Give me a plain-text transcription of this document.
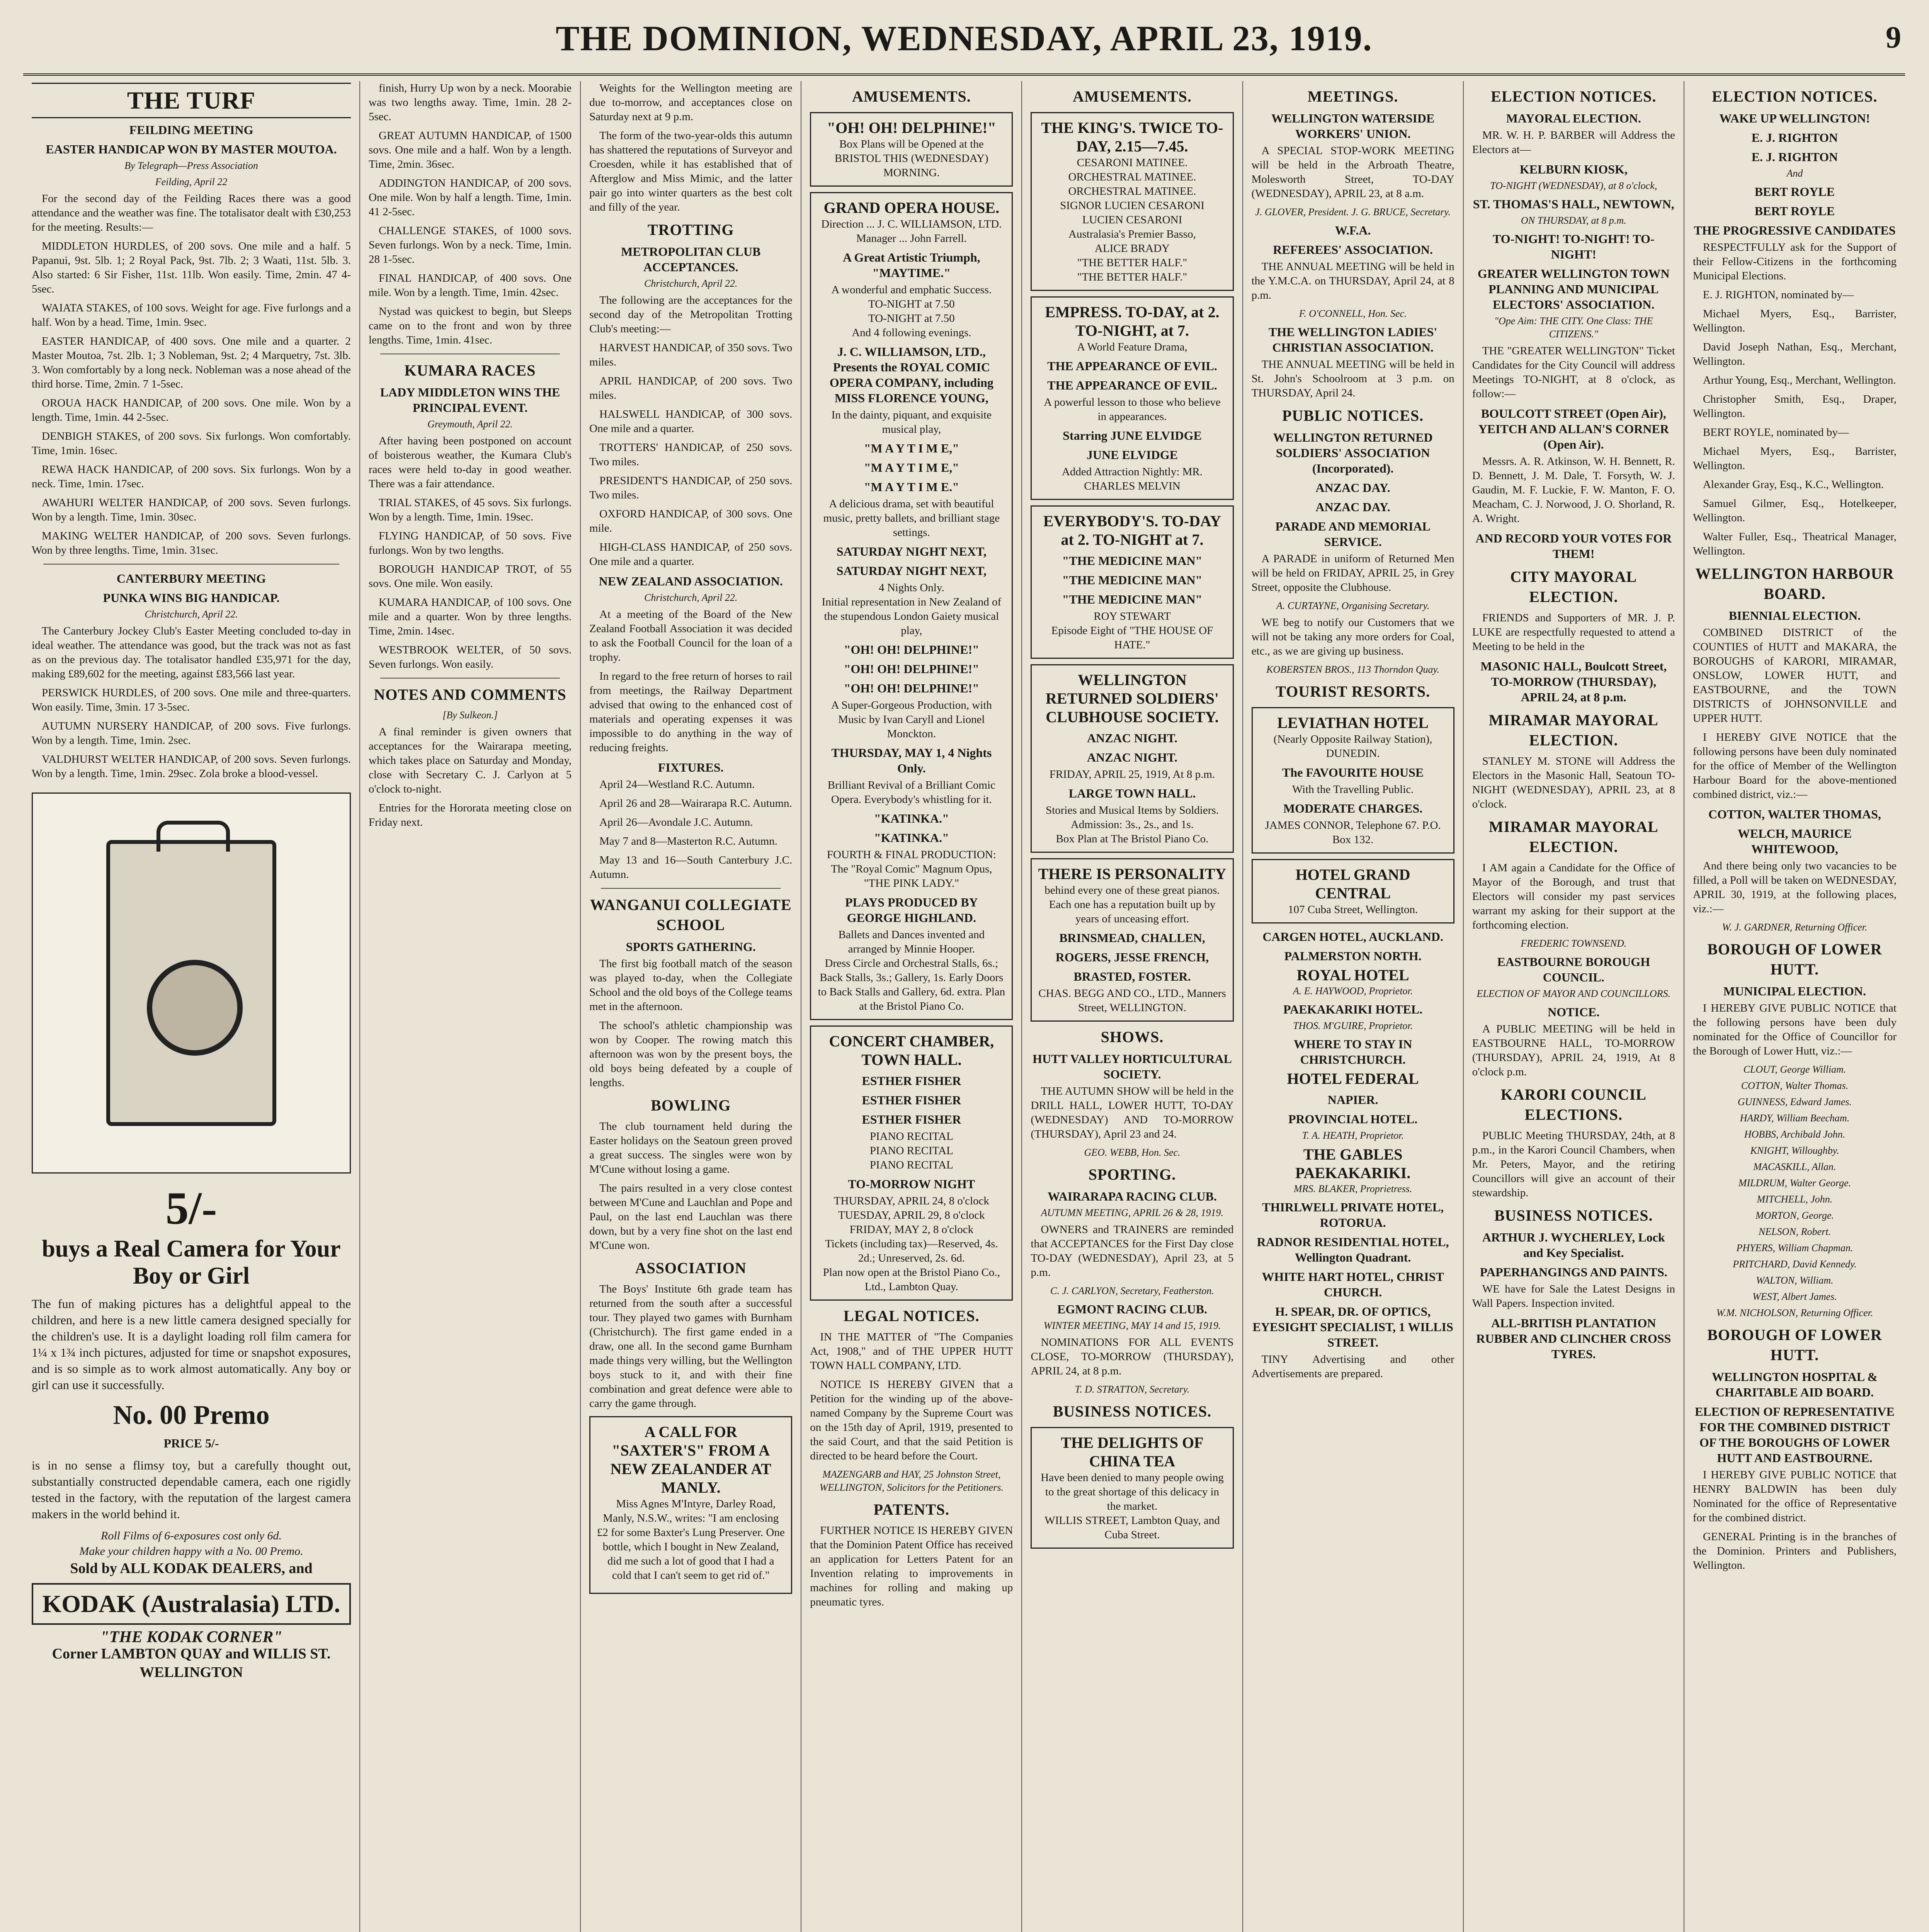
THE DOMINION, WEDNESDAY, APRIL 23, 1919.	9
THE TURF
FEILDING MEETING
EASTER HANDICAP WON BY MASTER MOUTOA.
By Telegraph—Press Association
Feilding, April 22
For the second day of the Feilding Races there was a good attendance and the weather was fine. The totalisator dealt with £30,253 for the meeting. Results:—
MIDDLETON HURDLES, of 200 sovs. One mile and a half. 5 Papanui, 9st. 5lb. 1; 2 Royal Pack, 9st. 7lb. 2; 3 Waati, 11st. 5lb. 3. Also started: 6 Sir Fisher, 11st. 11lb. Won easily. Time, 2min. 47 4-5sec.
WAIATA STAKES, of 100 sovs. Weight for age. Five furlongs and a half. Won by a head. Time, 1min. 9sec.
EASTER HANDICAP, of 400 sovs. One mile and a quarter. 2 Master Moutoa, 7st. 2lb. 1; 3 Nobleman, 9st. 2; 4 Marquetry, 7st. 3lb. 3. Won comfortably by a long neck. Nobleman was a nose ahead of the third horse. Time, 2min. 7 1-5sec.
OROUA HACK HANDICAP, of 200 sovs. One mile. Won by a length. Time, 1min. 44 2-5sec.
DENBIGH STAKES, of 200 sovs. Six furlongs. Won comfortably. Time, 1min. 16sec.
REWA HACK HANDICAP, of 200 sovs. Six furlongs. Won by a neck. Time, 1min. 17sec.
AWAHURI WELTER HANDICAP, of 200 sovs. Seven furlongs. Won by a length. Time, 1min. 30sec.
MAKING WELTER HANDICAP, of 200 sovs. Seven furlongs. Won by three lengths. Time, 1min. 31sec.
CANTERBURY MEETING
PUNKA WINS BIG HANDICAP.
Christchurch, April 22.
The Canterbury Jockey Club's Easter Meeting concluded to-day in ideal weather. The attendance was good, but the track was not as fast as on the previous day. The totalisator handled £35,971 for the day, making £89,602 for the meeting, against £83,566 last year.
PERSWICK HURDLES, of 200 sovs. One mile and three-quarters. Won easily. Time, 3min. 17 3-5sec.
AUTUMN NURSERY HANDICAP, of 200 sovs. Five furlongs. Won by a length. Time, 1min. 2sec.
VALDHURST WELTER HANDICAP, of 200 sovs. Seven furlongs. Won by a length. Time, 1min. 29sec. Zola broke a blood-vessel.
5/-
buys a Real Camera for Your Boy or Girl
The fun of making pictures has a delightful appeal to the children, and here is a new little camera designed specially for the children's use. It is a daylight loading roll film camera for 1¼ x 1¾ inch pictures, adjusted for time or snapshot exposures, and is so simple as to work almost automatically. Any boy or girl can use it successfully.
No. 00 Premo
PRICE 5/-
is in no sense a flimsy toy, but a carefully thought out, substantially constructed dependable camera, each one rigidly tested in the factory, with the reputation of the largest camera makers in the world behind it.
Roll Films of 6-exposures cost only 6d.
Make your children happy with a No. 00 Premo.
Sold by ALL KODAK DEALERS, and
KODAK (Australasia) LTD.
"THE KODAK CORNER"
Corner LAMBTON QUAY and WILLIS ST.
WELLINGTON
finish, Hurry Up won by a neck. Moorabie was two lengths away. Time, 1min. 28 2-5sec.
GREAT AUTUMN HANDICAP, of 1500 sovs. One mile and a half. Won by a length. Time, 2min. 36sec.
ADDINGTON HANDICAP, of 200 sovs. One mile. Won by half a length. Time, 1min. 41 2-5sec.
CHALLENGE STAKES, of 1000 sovs. Seven furlongs. Won by a neck. Time, 1min. 28 1-5sec.
FINAL HANDICAP, of 400 sovs. One mile. Won by a length. Time, 1min. 42sec.
Nystad was quickest to begin, but Sleeps came on to the front and won by three lengths. Time, 1min. 41sec.
KUMARA RACES
LADY MIDDLETON WINS THE PRINCIPAL EVENT.
Greymouth, April 22.
After having been postponed on account of boisterous weather, the Kumara Club's races were held to-day in good weather. There was a fair attendance.
TRIAL STAKES, of 45 sovs. Six furlongs. Won by a length. Time, 1min. 19sec.
FLYING HANDICAP, of 50 sovs. Five furlongs. Won by two lengths.
BOROUGH HANDICAP TROT, of 55 sovs. One mile. Won easily.
KUMARA HANDICAP, of 100 sovs. One mile and a quarter. Won by three lengths. Time, 2min. 14sec.
WESTBROOK WELTER, of 50 sovs. Seven furlongs. Won easily.
NOTES AND COMMENTS
[By Sulkeon.]
A final reminder is given owners that acceptances for the Wairarapa meeting, which takes place on Saturday and Monday, close with Secretary C. J. Carlyon at 5 o'clock to-night.
Entries for the Hororata meeting close on Friday next.
Weights for the Wellington meeting are due to-morrow, and acceptances close on Saturday next at 9 p.m.
The form of the two-year-olds this autumn has shattered the reputations of Surveyor and Croesden, while it has established that of Afterglow and Miss Mimic, and the latter pair go into winter quarters as the best colt and filly of the year.
TROTTING
METROPOLITAN CLUB ACCEPTANCES.
Christchurch, April 22.
The following are the acceptances for the second day of the Metropolitan Trotting Club's meeting:—
HARVEST HANDICAP, of 350 sovs. Two miles.
APRIL HANDICAP, of 200 sovs. Two miles.
HALSWELL HANDICAP, of 300 sovs. One mile and a quarter.
TROTTERS' HANDICAP, of 250 sovs. Two miles.
PRESIDENT'S HANDICAP, of 250 sovs. Two miles.
OXFORD HANDICAP, of 300 sovs. One mile.
HIGH-CLASS HANDICAP, of 250 sovs. One mile and a quarter.
NEW ZEALAND ASSOCIATION.
Christchurch, April 22.
At a meeting of the Board of the New Zealand Football Association it was decided to ask the Football Council for the loan of a trophy.
In regard to the free return of horses to rail from meetings, the Railway Department advised that owing to the enhanced cost of materials and operating expenses it was impossible to do anything in the way of reducing freights.
FIXTURES.
April 24—Westland R.C. Autumn.
April 26 and 28—Wairarapa R.C. Autumn.
April 26—Avondale J.C. Autumn.
May 7 and 8—Masterton R.C. Autumn.
May 13 and 16—South Canterbury J.C. Autumn.
WANGANUI COLLEGIATE SCHOOL
SPORTS GATHERING.
The first big football match of the season was played to-day, when the Collegiate School and the old boys of the College teams met in the afternoon.
The school's athletic championship was won by Cooper. The rowing match this afternoon was won by the present boys, the old boys being defeated by a couple of lengths.
BOWLING
The club tournament held during the Easter holidays on the Seatoun green proved a great success. The singles were won by M'Cune without losing a game.
The pairs resulted in a very close contest between M'Cune and Lauchlan and Pope and Paul, on the last end Lauchlan was there down, but by a very fine shot on the last end M'Cune won.
ASSOCIATION
The Boys' Institute 6th grade team has returned from the south after a successful tour. They played two games with Burnham (Christchurch). The first game ended in a draw, one all. In the second game Burnham made things very willing, but the Wellington boys stuck to it, and with their fine combination and great defence were able to carry the game through.
A CALL FOR "SAXTER'S" FROM A NEW ZEALANDER AT MANLY.
Miss Agnes M'Intyre, Darley Road, Manly, N.S.W., writes: "I am enclosing £2 for some Baxter's Lung Preserver. One bottle, which I bought in New Zealand, did me such a lot of good that I had a cold that I can't seem to get rid of."
AMUSEMENTS.
"OH! OH! DELPHINE!"
Box Plans will be Opened at the BRISTOL THIS (WEDNESDAY) MORNING.
GRAND OPERA HOUSE.
Direction ... J. C. WILLIAMSON, LTD.
Manager ... John Farrell.
A Great Artistic Triumph, "MAYTIME."
A wonderful and emphatic Success.
TO-NIGHT at 7.50
TO-NIGHT at 7.50
And 4 following evenings.
J. C. WILLIAMSON, LTD., Presents the ROYAL COMIC OPERA COMPANY, including MISS FLORENCE YOUNG,
In the dainty, piquant, and exquisite musical play,
"M A Y T I M E,"
"M A Y T I M E,"
"M A Y T I M E."
A delicious drama, set with beautiful music, pretty ballets, and brilliant stage settings.
SATURDAY NIGHT NEXT,
SATURDAY NIGHT NEXT,
4 Nights Only.
Initial representation in New Zealand of the stupendous London Gaiety musical play,
"OH! OH! DELPHINE!"
"OH! OH! DELPHINE!"
"OH! OH! DELPHINE!"
A Super-Gorgeous Production, with Music by Ivan Caryll and Lionel Monckton.
THURSDAY, MAY 1, 4 Nights Only.
Brilliant Revival of a Brilliant Comic Opera. Everybody's whistling for it.
"KATINKA."
"KATINKA."
FOURTH & FINAL PRODUCTION: The "Royal Comic" Magnum Opus, "THE PINK LADY."
PLAYS PRODUCED BY GEORGE HIGHLAND.
Ballets and Dances invented and arranged by Minnie Hooper.
Dress Circle and Orchestral Stalls, 6s.; Back Stalls, 3s.; Gallery, 1s. Early Doors to Back Stalls and Gallery, 6d. extra. Plan at the Bristol Piano Co.
CONCERT CHAMBER, TOWN HALL.
ESTHER FISHER
ESTHER FISHER
ESTHER FISHER
PIANO RECITAL
PIANO RECITAL
PIANO RECITAL
TO-MORROW NIGHT
THURSDAY, APRIL 24, 8 o'clock
TUESDAY, APRIL 29, 8 o'clock
FRIDAY, MAY 2, 8 o'clock
Tickets (including tax)—Reserved, 4s. 2d.; Unreserved, 2s. 6d.
Plan now open at the Bristol Piano Co., Ltd., Lambton Quay.
LEGAL NOTICES.
IN THE MATTER of "The Companies Act, 1908," and of THE UPPER HUTT TOWN HALL COMPANY, LTD.
NOTICE IS HEREBY GIVEN that a Petition for the winding up of the above-named Company by the Supreme Court was on the 15th day of April, 1919, presented to the said Court, and that the said Petition is directed to be heard before the Court.
MAZENGARB and HAY, 25 Johnston Street, WELLINGTON, Solicitors for the Petitioners.
PATENTS.
FURTHER NOTICE IS HEREBY GIVEN that the Dominion Patent Office has received an application for Letters Patent for an Invention relating to improvements in machines for rolling and making up pneumatic tyres.
AMUSEMENTS.
THE KING'S. TWICE TO-DAY, 2.15—7.45.
CESARONI MATINEE.
ORCHESTRAL MATINEE.
ORCHESTRAL MATINEE.
SIGNOR LUCIEN CESARONI
LUCIEN CESARONI
Australasia's Premier Basso,
ALICE BRADY
"THE BETTER HALF."
"THE BETTER HALF."
EMPRESS. TO-DAY, at 2. TO-NIGHT, at 7.
A World Feature Drama,
THE APPEARANCE OF EVIL.
THE APPEARANCE OF EVIL.
A powerful lesson to those who believe in appearances.
Starring JUNE ELVIDGE
JUNE ELVIDGE
Added Attraction Nightly: MR. CHARLES MELVIN
EVERYBODY'S. TO-DAY at 2. TO-NIGHT at 7.
"THE MEDICINE MAN"
"THE MEDICINE MAN"
"THE MEDICINE MAN"
ROY STEWART
Episode Eight of "THE HOUSE OF HATE."
WELLINGTON RETURNED SOLDIERS' CLUBHOUSE SOCIETY.
ANZAC NIGHT.
ANZAC NIGHT.
FRIDAY, APRIL 25, 1919, At 8 p.m.
LARGE TOWN HALL.
Stories and Musical Items by Soldiers.
Admission: 3s., 2s., and 1s.
Box Plan at The Bristol Piano Co.
THERE IS PERSONALITY
behind every one of these great pianos. Each one has a reputation built up by years of unceasing effort.
BRINSMEAD, CHALLEN,
ROGERS, JESSE FRENCH,
BRASTED, FOSTER.
CHAS. BEGG AND CO., LTD., Manners Street, WELLINGTON.
SHOWS.
HUTT VALLEY HORTICULTURAL SOCIETY.
THE AUTUMN SHOW will be held in the DRILL HALL, LOWER HUTT, TO-DAY (WEDNESDAY) AND TO-MORROW (THURSDAY), April 23 and 24.
GEO. WEBB, Hon. Sec.
SPORTING.
WAIRARAPA RACING CLUB.
AUTUMN MEETING, APRIL 26 & 28, 1919.
OWNERS and TRAINERS are reminded that ACCEPTANCES for the First Day close TO-DAY (WEDNESDAY), April 23, at 5 p.m.
C. J. CARLYON, Secretary, Featherston.
EGMONT RACING CLUB.
WINTER MEETING, MAY 14 and 15, 1919.
NOMINATIONS FOR ALL EVENTS CLOSE, TO-MORROW (THURSDAY), APRIL 24, at 8 p.m.
T. D. STRATTON, Secretary.
BUSINESS NOTICES.
THE DELIGHTS OF CHINA TEA
Have been denied to many people owing to the great shortage of this delicacy in the market.
WILLIS STREET, Lambton Quay, and Cuba Street.
MEETINGS.
WELLINGTON WATERSIDE WORKERS' UNION.
A SPECIAL STOP-WORK MEETING will be held in the Arbroath Theatre, Molesworth Street, TO-DAY (WEDNESDAY), APRIL 23, at 8 a.m.
J. GLOVER, President. J. G. BRUCE, Secretary.
W.F.A.
REFEREES' ASSOCIATION.
THE ANNUAL MEETING will be held in the Y.M.C.A. on THURSDAY, April 24, at 8 p.m.
F. O'CONNELL, Hon. Sec.
THE WELLINGTON LADIES' CHRISTIAN ASSOCIATION.
THE ANNUAL MEETING will be held in St. John's Schoolroom at 3 p.m. on THURSDAY, April 24.
PUBLIC NOTICES.
WELLINGTON RETURNED SOLDIERS' ASSOCIATION (Incorporated).
ANZAC DAY.
ANZAC DAY.
PARADE AND MEMORIAL SERVICE.
A PARADE in uniform of Returned Men will be held on FRIDAY, APRIL 25, in Grey Street, opposite the Clubhouse.
A. CURTAYNE, Organising Secretary.
WE beg to notify our Customers that we will not be taking any more orders for Coal, etc., as we are giving up business.
KOBERSTEN BROS., 113 Thorndon Quay.
TOURIST RESORTS.
LEVIATHAN HOTEL
(Nearly Opposite Railway Station), DUNEDIN.
The FAVOURITE HOUSE
With the Travelling Public.
MODERATE CHARGES.
JAMES CONNOR, Telephone 67. P.O. Box 132.
HOTEL GRAND CENTRAL
107 Cuba Street, Wellington.
CARGEN HOTEL, AUCKLAND.
PALMERSTON NORTH.
ROYAL HOTEL
A. E. HAYWOOD, Proprietor.
PAEKAKARIKI HOTEL.
THOS. M'GUIRE, Proprietor.
WHERE TO STAY IN CHRISTCHURCH.
HOTEL FEDERAL
NAPIER.
PROVINCIAL HOTEL.
T. A. HEATH, Proprietor.
THE GABLES PAEKAKARIKI.
MRS. BLAKER, Proprietress.
THIRLWELL PRIVATE HOTEL, ROTORUA.
RADNOR RESIDENTIAL HOTEL, Wellington Quadrant.
WHITE HART HOTEL, CHRIST CHURCH.
H. SPEAR, DR. OF OPTICS, EYESIGHT SPECIALIST, 1 WILLIS STREET.
TINY Advertising and other Advertisements are prepared.
ELECTION NOTICES.
MAYORAL ELECTION.
MR. W. H. P. BARBER will Address the Electors at—
KELBURN KIOSK,
TO-NIGHT (WEDNESDAY), at 8 o'clock,
ST. THOMAS'S HALL, NEWTOWN,
ON THURSDAY, at 8 p.m.
TO-NIGHT! TO-NIGHT! TO-NIGHT!
GREATER WELLINGTON TOWN PLANNING AND MUNICIPAL ELECTORS' ASSOCIATION.
"Ope Aim: THE CITY. One Class: THE CITIZENS."
THE "GREATER WELLINGTON" Ticket Candidates for the City Council will address Meetings TO-NIGHT, at 8 o'clock, as follow:—
BOULCOTT STREET (Open Air), YEITCH AND ALLAN'S CORNER (Open Air).
Messrs. A. R. Atkinson, W. H. Bennett, R. D. Bennett, J. M. Dale, T. Forsyth, W. J. Gaudin, M. F. Luckie, F. W. Manton, F. O. Meacham, C. J. Norwood, J. O. Shorland, R. A. Wright.
AND RECORD YOUR VOTES FOR THEM!
CITY MAYORAL ELECTION.
FRIENDS and Supporters of MR. J. P. LUKE are respectfully requested to attend a Meeting to be held in the
MASONIC HALL, Boulcott Street, TO-MORROW (THURSDAY), APRIL 24, at 8 p.m.
MIRAMAR MAYORAL ELECTION.
STANLEY M. STONE will Address the Electors in the Masonic Hall, Seatoun TO-NIGHT (WEDNESDAY), APRIL 23, at 8 o'clock.
MIRAMAR MAYORAL ELECTION.
I AM again a Candidate for the Office of Mayor of the Borough, and trust that Electors will consider my past services warrant my asking for their support at the forthcoming election.
FREDERIC TOWNSEND.
EASTBOURNE BOROUGH COUNCIL.
ELECTION OF MAYOR AND COUNCILLORS.
NOTICE.
A PUBLIC MEETING will be held in EASTBOURNE HALL, TO-MORROW (THURSDAY), APRIL 24, 1919, At 8 o'clock p.m.
KARORI COUNCIL ELECTIONS.
PUBLIC Meeting THURSDAY, 24th, at 8 p.m., in the Karori Council Chambers, when Mr. Peters, Mayor, and the retiring Councillors will give an account of their stewardship.
BUSINESS NOTICES.
ARTHUR J. WYCHERLEY, Lock and Key Specialist.
PAPERHANGINGS AND PAINTS.
WE have for Sale the Latest Designs in Wall Papers. Inspection invited.
ALL-BRITISH PLANTATION RUBBER AND CLINCHER CROSS TYRES.
ELECTION NOTICES.
WAKE UP WELLINGTON!
E. J. RIGHTON
E. J. RIGHTON
And
BERT ROYLE
BERT ROYLE
THE PROGRESSIVE CANDIDATES
RESPECTFULLY ask for the Support of their Fellow-Citizens in the forthcoming Municipal Elections.
E. J. RIGHTON, nominated by—
Michael Myers, Esq., Barrister, Wellington.
David Joseph Nathan, Esq., Merchant, Wellington.
Arthur Young, Esq., Merchant, Wellington.
Christopher Smith, Esq., Draper, Wellington.
BERT ROYLE, nominated by—
Michael Myers, Esq., Barrister, Wellington.
Alexander Gray, Esq., K.C., Wellington.
Samuel Gilmer, Esq., Hotelkeeper, Wellington.
Walter Fuller, Esq., Theatrical Manager, Wellington.
WELLINGTON HARBOUR BOARD.
BIENNIAL ELECTION.
COMBINED DISTRICT of the COUNTIES of HUTT and MAKARA, the BOROUGHS of KARORI, MIRAMAR, ONSLOW, LOWER HUTT, and EASTBOURNE, and the TOWN DISTRICTS of JOHNSONVILLE and UPPER HUTT.
I HEREBY GIVE NOTICE that the following persons have been duly nominated for the office of Member of the Wellington Harbour Board for the above-mentioned combined district, viz.:—
COTTON, WALTER THOMAS,
WELCH, MAURICE WHITEWOOD,
And there being only two vacancies to be filled, a Poll will be taken on WEDNESDAY, APRIL 30, 1919, at the following places, viz.:—
W. J. GARDNER, Returning Officer.
BOROUGH OF LOWER HUTT.
MUNICIPAL ELECTION.
I HEREBY GIVE PUBLIC NOTICE that the following persons have been duly nominated for the Office of Councillor for the Borough of Lower Hutt, viz.:—
CLOUT, George William.
COTTON, Walter Thomas.
GUINNESS, Edward James.
HARDY, William Beecham.
HOBBS, Archibald John.
KNIGHT, Willoughby.
MACASKILL, Allan.
MILDRUM, Walter George.
MITCHELL, John.
MORTON, George.
NELSON, Robert.
PHYERS, William Chapman.
PRITCHARD, David Kennedy.
WALTON, William.
WEST, Albert James.
W.M. NICHOLSON, Returning Officer.
BOROUGH OF LOWER HUTT.
WELLINGTON HOSPITAL & CHARITABLE AID BOARD.
ELECTION OF REPRESENTATIVE FOR THE COMBINED DISTRICT OF THE BOROUGHS OF LOWER HUTT AND EASTBOURNE.
I HEREBY GIVE PUBLIC NOTICE that HENRY BALDWIN has been duly Nominated for the office of Representative for the combined district.
GENERAL Printing is in the branches of the Dominion. Printers and Publishers, Wellington.
